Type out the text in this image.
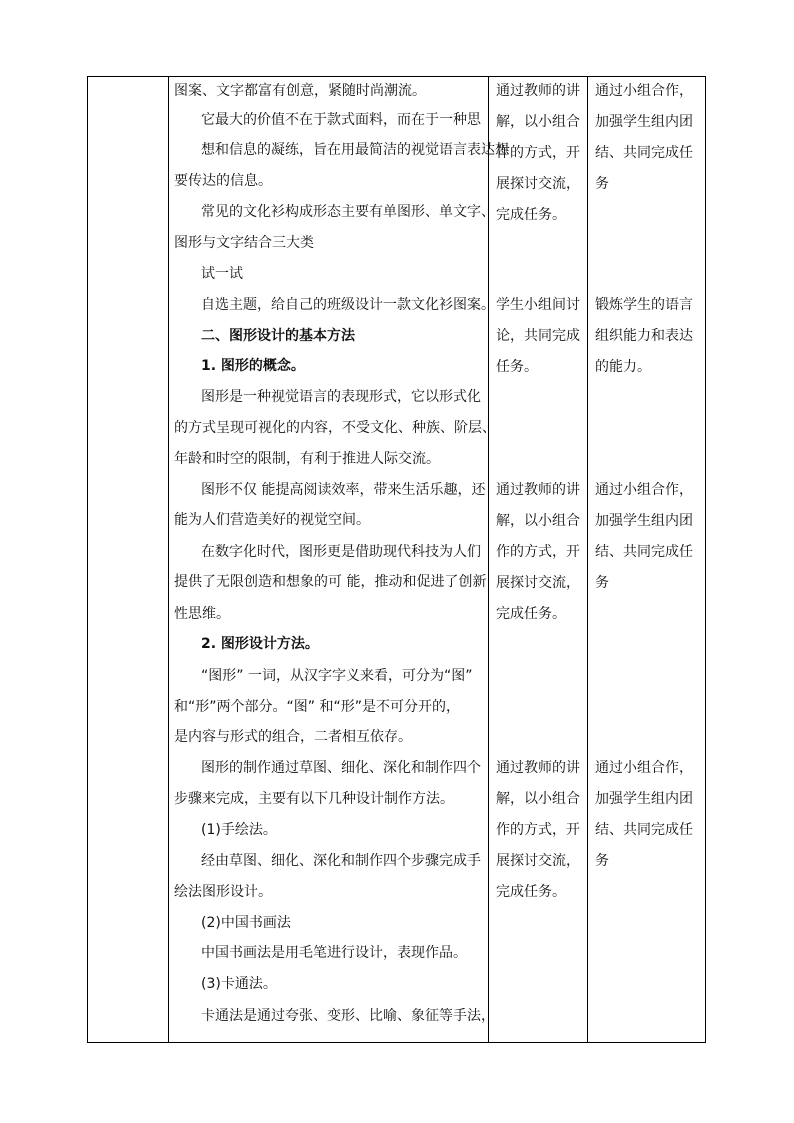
图案、文字都富有创意，紧随时尚潮流。
它最大的价值不在于款式面料，而在于一种思
想和信息的凝练，旨在用最简洁的视觉语言表达想
要传达的信息。
常见的文化衫构成形态主要有单图形、单文字、
图形与文字结合三大类
试一试
自选主题，给自己的班级设计一款文化衫图案。
二、图形设计的基本方法
1. 图形的概念。
图形是一种视觉语言的表现形式，它以形式化
的方式呈现可视化的内容，不受文化、种族、阶层、
年龄和时空的限制，有利于推进人际交流。
图形不仅 能提高阅读效率，带来生活乐趣，还
能为人们营造美好的视觉空间。
在数字化时代，图形更是借助现代科技为人们
提供了无限创造和想象的可 能，推动和促进了创新
性思维。
2. 图形设计方法。
“图形” 一词，从汉字字义来看，可分为“图”
和“形”两个部分。“图” 和“形”是不可分开的，
是内容与形式的组合，二者相互依存。
图形的制作通过草图、细化、深化和制作四个
步骤来完成，主要有以下几种设计制作方法。
(1)手绘法。
经由草图、细化、深化和制作四个步骤完成手
绘法图形设计。
(2)中国书画法
中国书画法是用毛笔进行设计，表现作品。
(3)卡通法。
卡通法是通过夸张、变形、比喻、象征等手法，
通过教师的讲
解，以小组合
作的方式，开
展探讨交流，
完成任务。
学生小组间讨
论，共同完成
任务。
通过教师的讲
解，以小组合
作的方式，开
展探讨交流，
完成任务。
通过教师的讲
解，以小组合
作的方式，开
展探讨交流，
完成任务。
通过小组合作，
加强学生组内团
结、共同完成任
务
锻炼学生的语言
组织能力和表达
的能力。
通过小组合作，
加强学生组内团
结、共同完成任
务
通过小组合作，
加强学生组内团
结、共同完成任
务
